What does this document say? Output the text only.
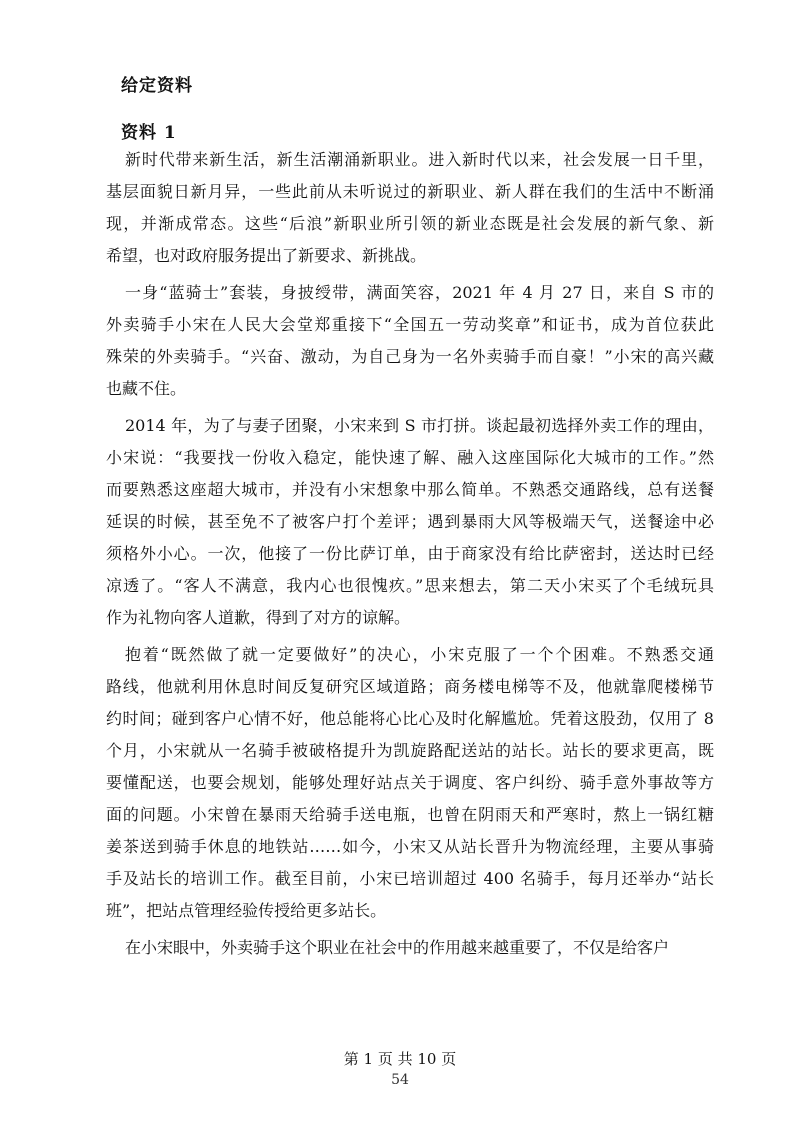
给定资料
资料 1
新时代带来新生活，新生活潮涌新职业。进入新时代以来，社会发展一日千里，
基层面貌日新月异，一些此前从未听说过的新职业、新人群在我们的生活中不断涌
现，并渐成常态。这些“后浪”新职业所引领的新业态既是社会发展的新气象、新
希望，也对政府服务提出了新要求、新挑战。
一身“蓝骑士”套装，身披绶带，满面笑容，2021 年 4 月 27 日，来自 S 市的
外卖骑手小宋在人民大会堂郑重接下“全国五一劳动奖章”和证书，成为首位获此
殊荣的外卖骑手。“兴奋、激动，为自己身为一名外卖骑手而自豪！”小宋的高兴藏
也藏不住。
2014 年，为了与妻子团聚，小宋来到 S 市打拼。谈起最初选择外卖工作的理由，
小宋说：“我要找一份收入稳定，能快速了解、融入这座国际化大城市的工作。”然
而要熟悉这座超大城市，并没有小宋想象中那么简单。不熟悉交通路线，总有送餐
延误的时候，甚至免不了被客户打个差评；遇到暴雨大风等极端天气，送餐途中必
须格外小心。一次，他接了一份比萨订单，由于商家没有给比萨密封，送达时已经
凉透了。“客人不满意，我内心也很愧疚。”思来想去，第二天小宋买了个毛绒玩具
作为礼物向客人道歉，得到了对方的谅解。
抱着“既然做了就一定要做好”的决心，小宋克服了一个个困难。不熟悉交通
路线，他就利用休息时间反复研究区域道路；商务楼电梯等不及，他就靠爬楼梯节
约时间；碰到客户心情不好，他总能将心比心及时化解尴尬。凭着这股劲，仅用了 8
个月，小宋就从一名骑手被破格提升为凯旋路配送站的站长。站长的要求更高，既
要懂配送，也要会规划，能够处理好站点关于调度、客户纠纷、骑手意外事故等方
面的问题。小宋曾在暴雨天给骑手送电瓶，也曾在阴雨天和严寒时，熬上一锅红糖
姜茶送到骑手休息的地铁站……如今，小宋又从站长晋升为物流经理，主要从事骑
手及站长的培训工作。截至目前，小宋已培训超过 400 名骑手，每月还举办“站长
班”，把站点管理经验传授给更多站长。
在小宋眼中，外卖骑手这个职业在社会中的作用越来越重要了，不仅是给客户
第 1 页 共 10 页
54
